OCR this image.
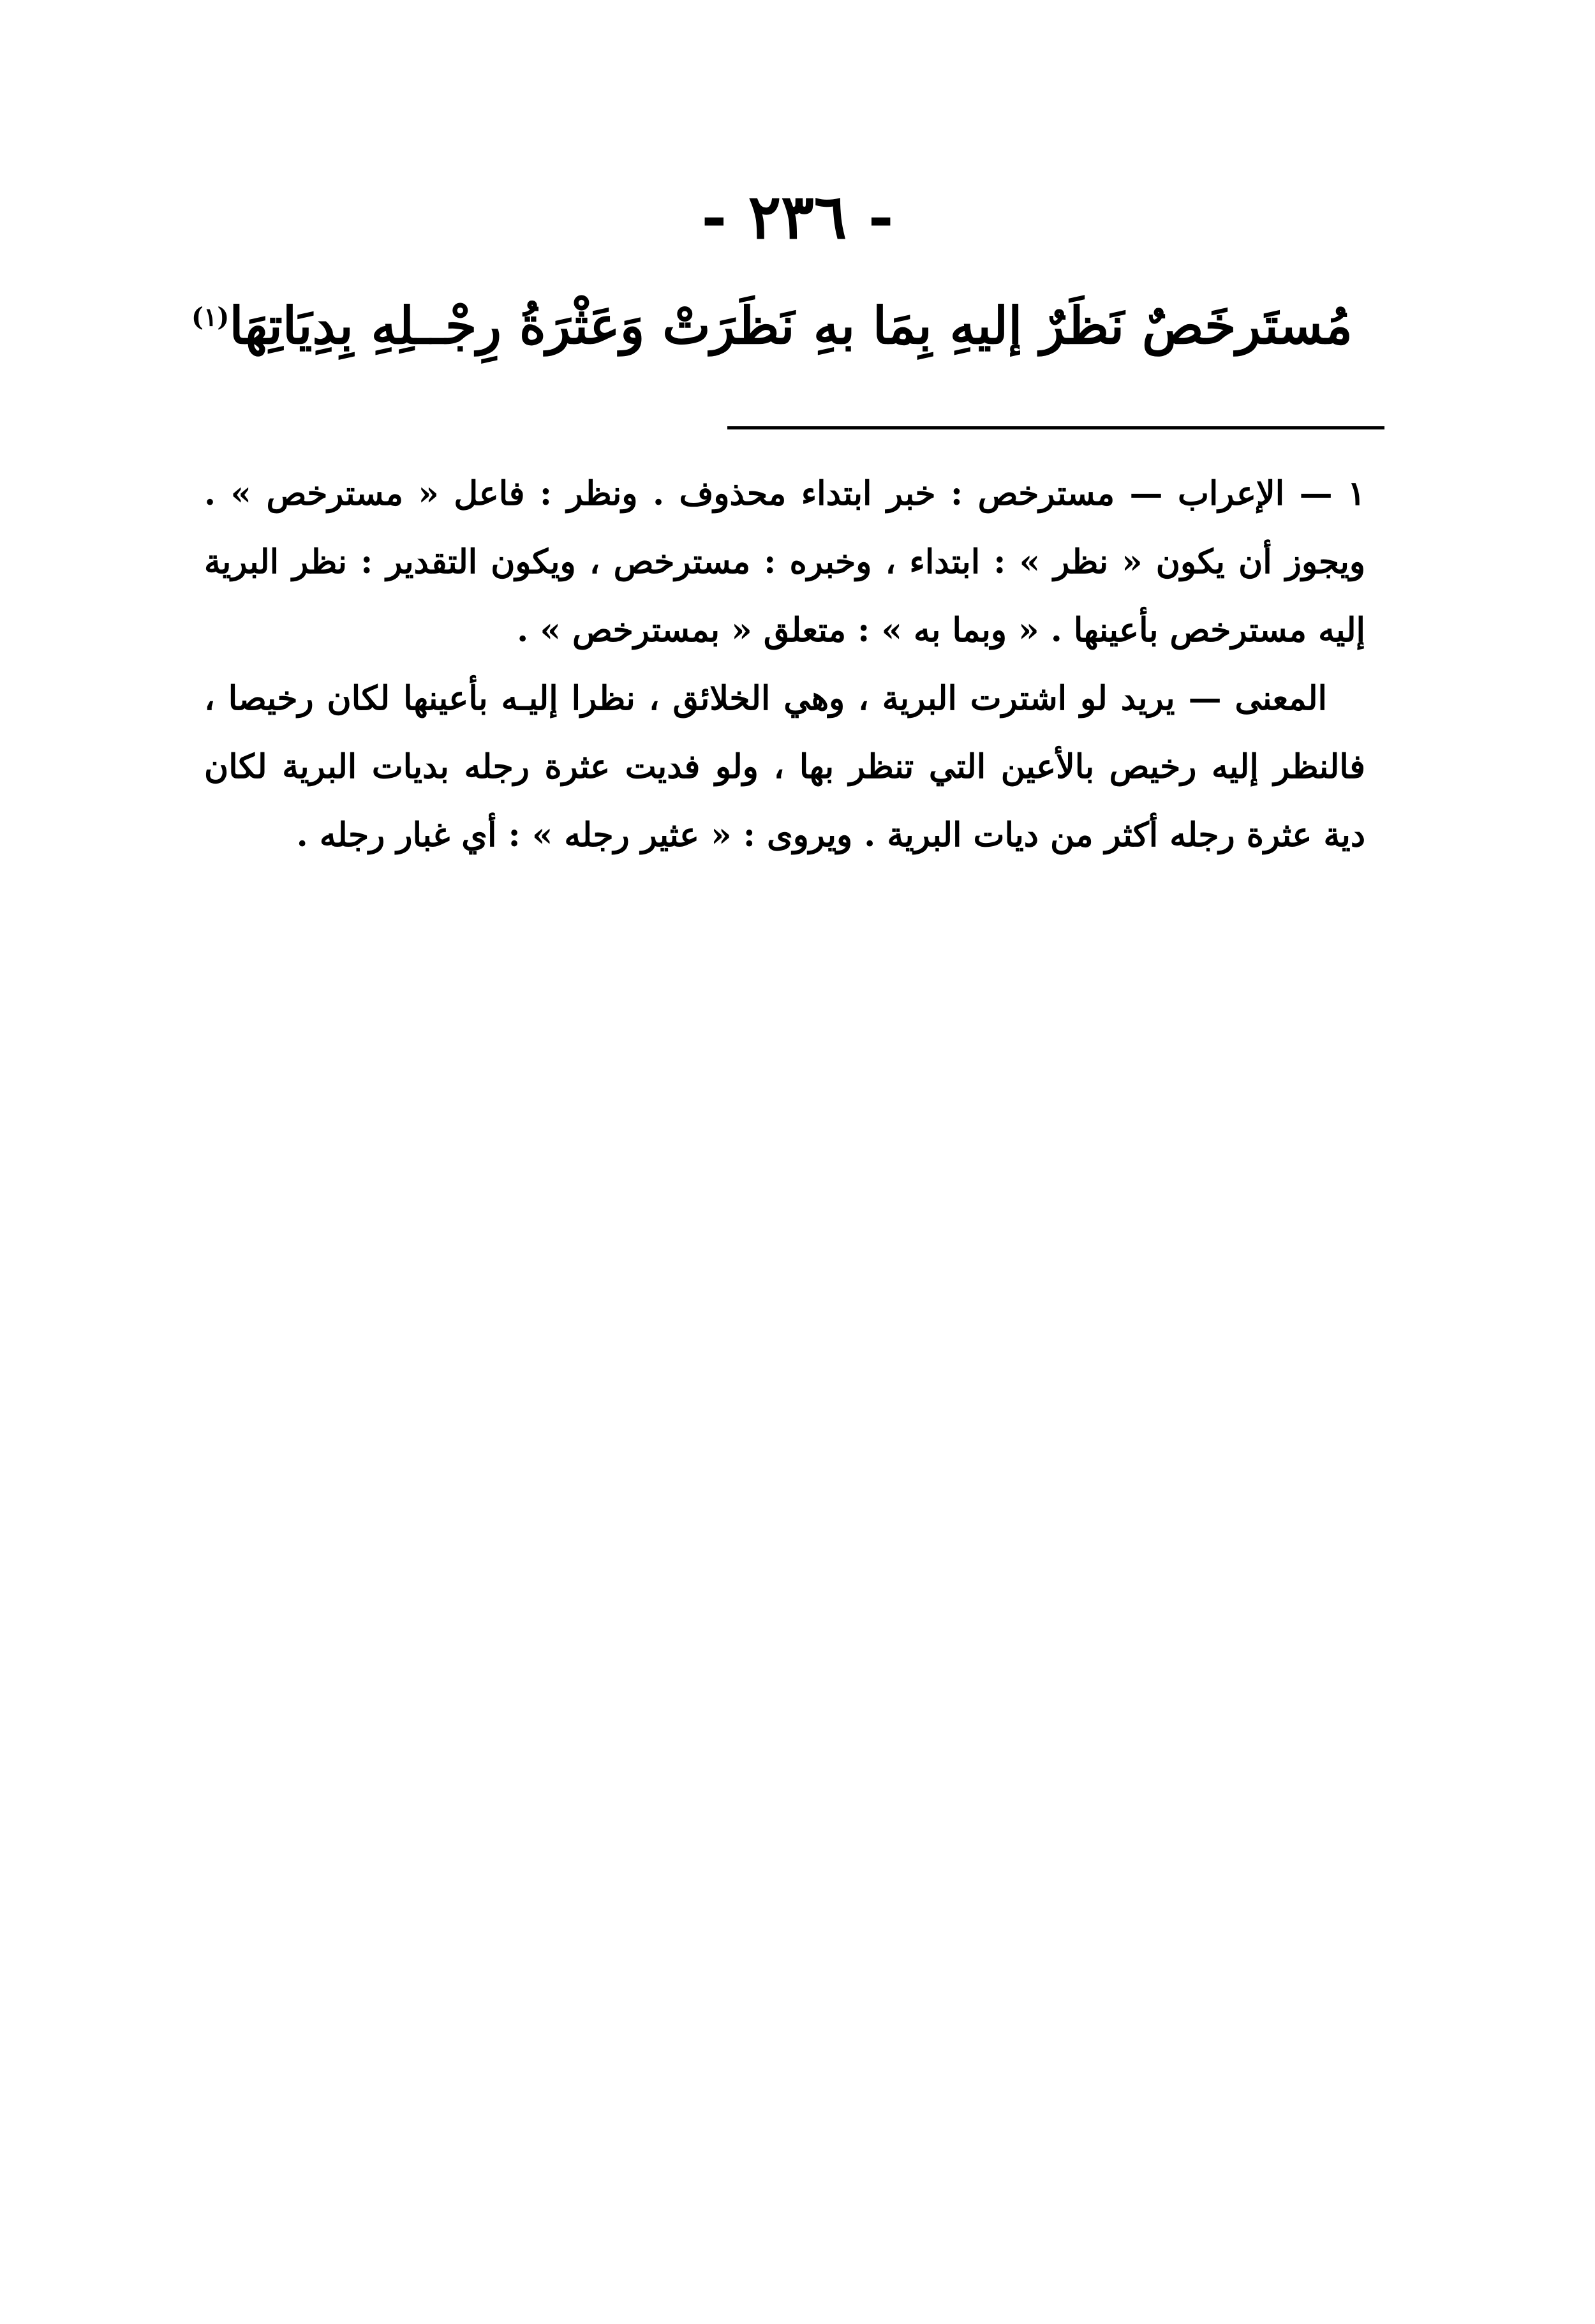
- ٢٣٦ -
مُستَرخَصٌ نَظَرٌ إليهِ بِمَا بهِ
نَظَرَتْ وَعَثْرَةُ رِجْــلِهِ بِدِيَاتِهَا$^{(١)}$

١ — الإعراب — مسترخص : خبر ابتداء محذوف . ونظر : فاعل « مسترخص » . ويجوز أن يكون « نظر » : ابتداء ، وخبره : مسترخص ، ويكون التقدير : نظر البرية إليه مسترخص بأعينها . « وبما به » : متعلق « بمسترخص » .

المعنى — يريد لو اشترت البرية ، وهي الخلائق ، نظرا إليـه بأعينها لكان رخيصا ، فالنظر إليه رخيص بالأعين التي تنظر بها ، ولو فديت عثرة رجله بديات البرية لكان دية عثرة رجله أكثر من ديات البرية . ويروى : « عثير رجله » : أي غبار رجله .
